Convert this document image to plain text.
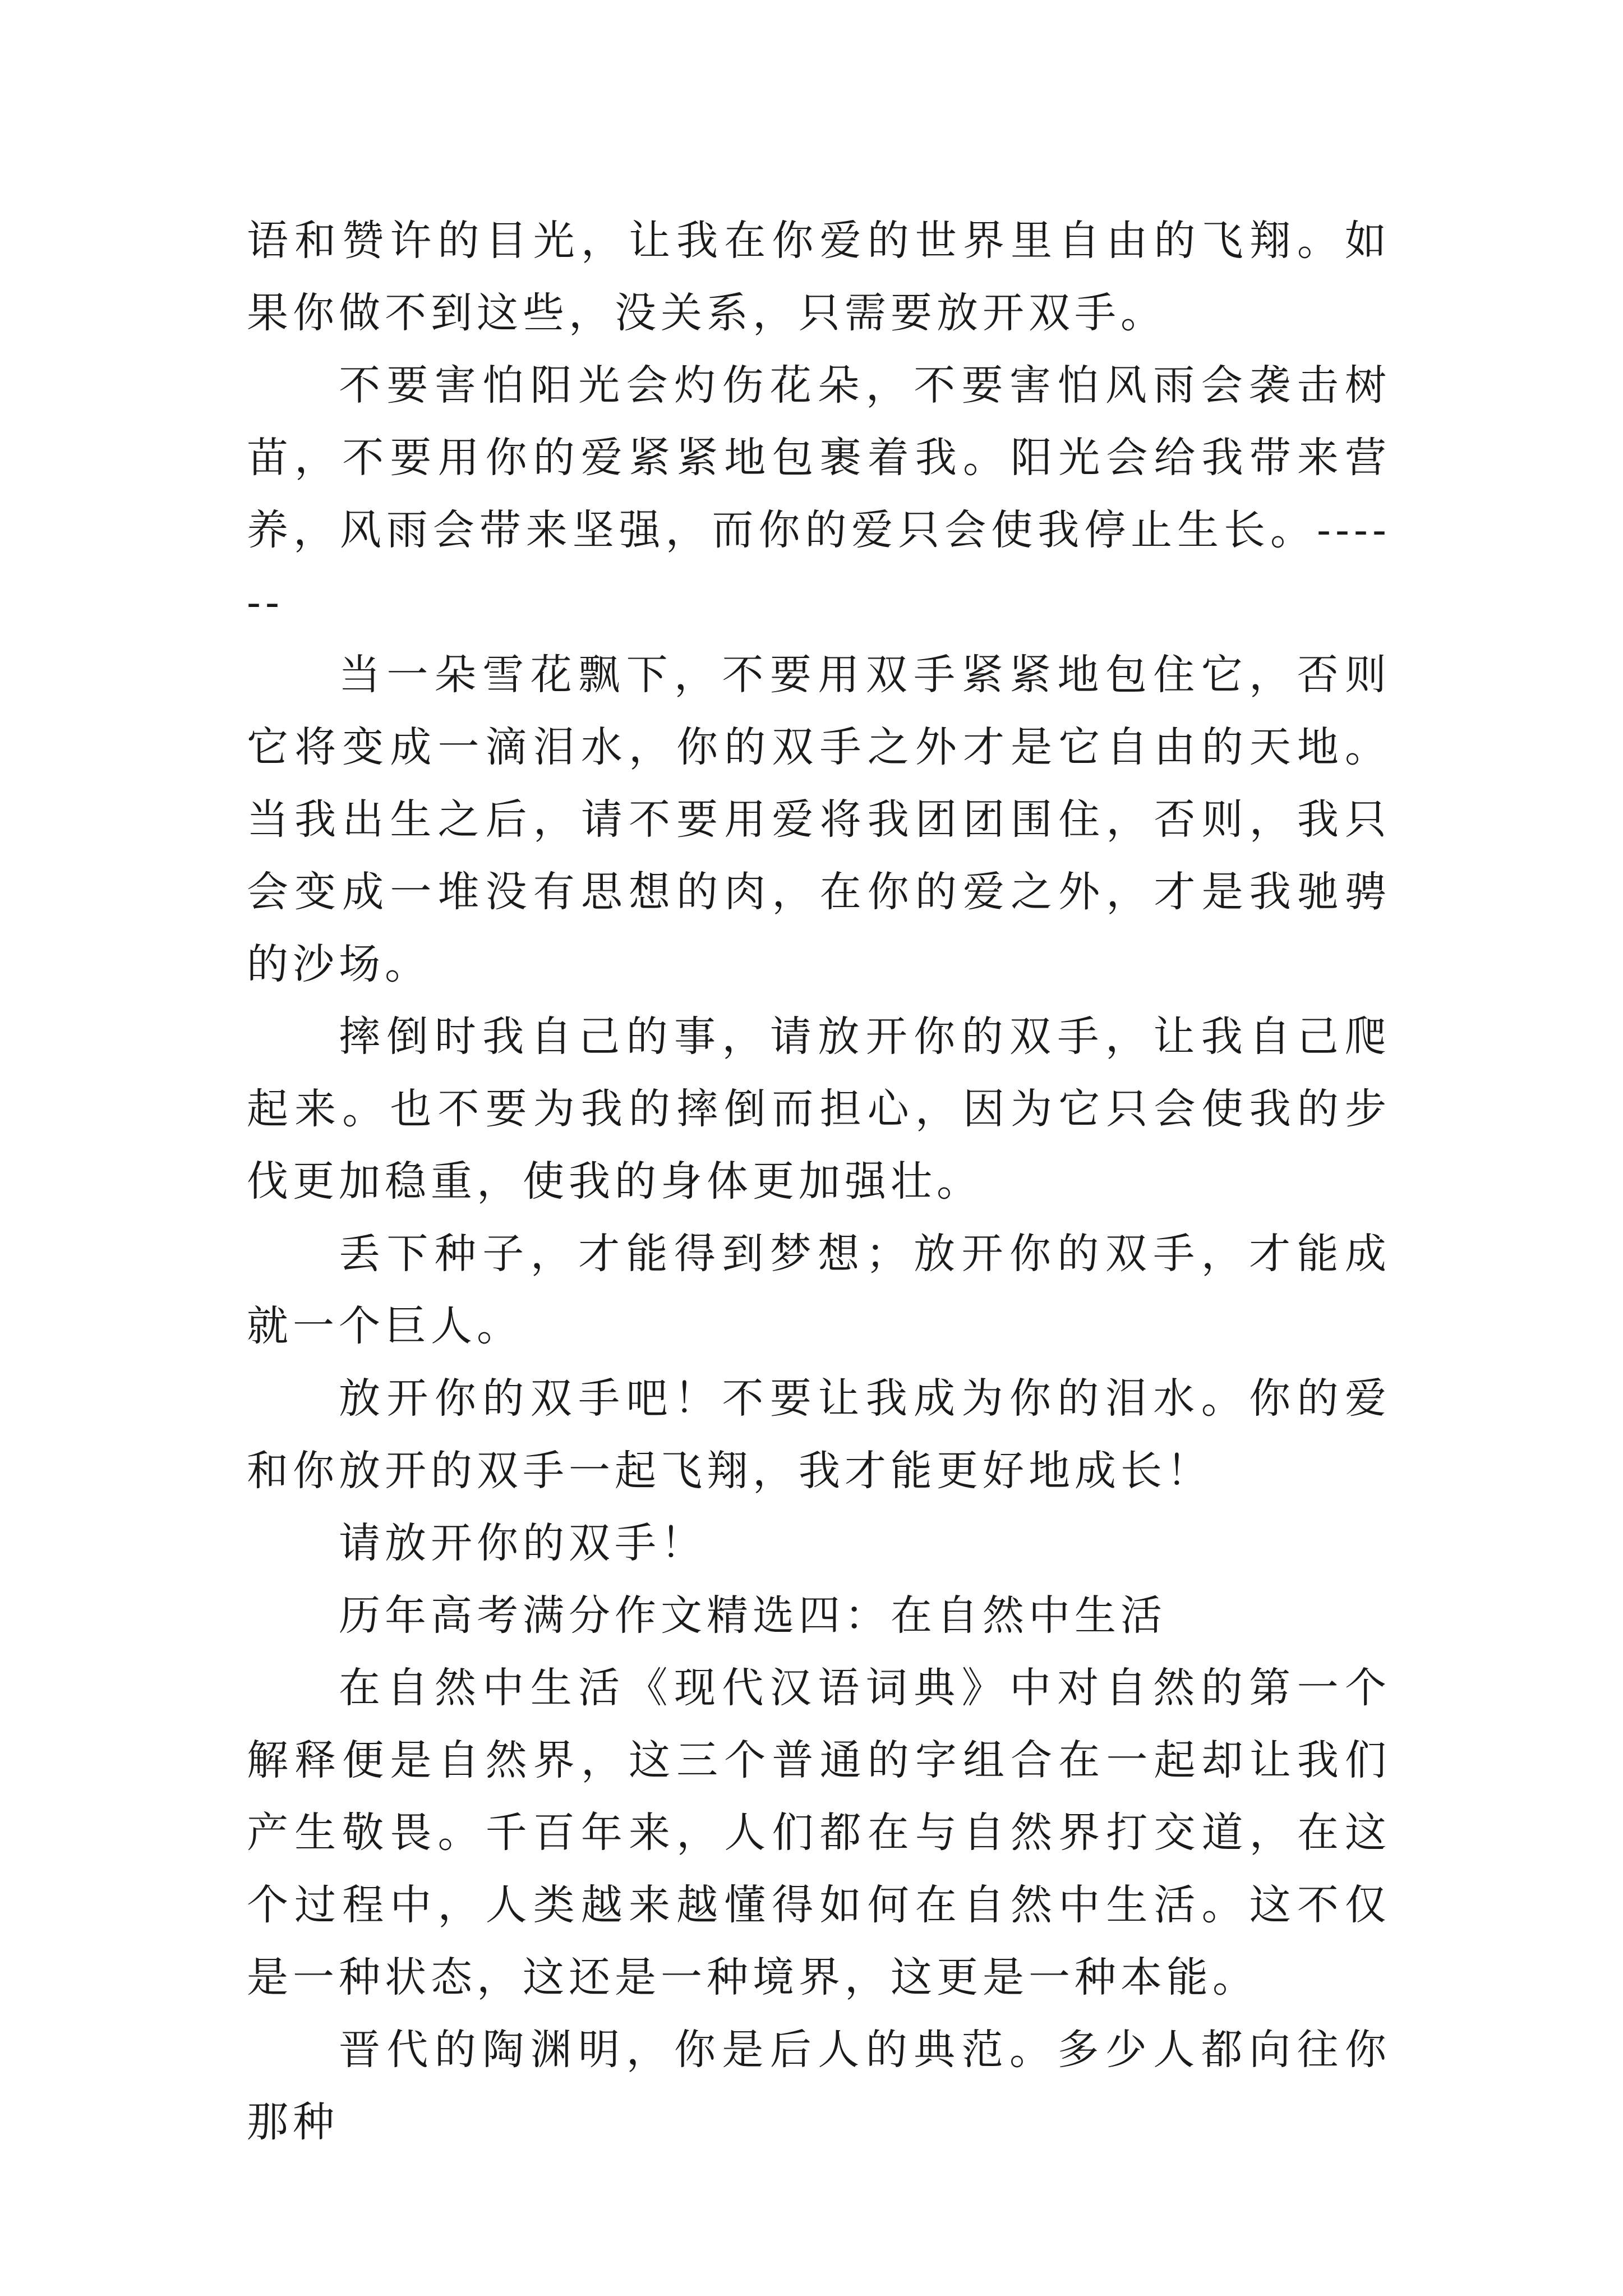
语和赞许的目光，让我在你爱的世界里自由的飞翔。如果你做不到这些，没关系，只需要放开双手。

不要害怕阳光会灼伤花朵，不要害怕风雨会袭击树苗，不要用你的爱紧紧地包裹着我。阳光会给我带来营养，风雨会带来坚强，而你的爱只会使我停止生长。------

当一朵雪花飘下，不要用双手紧紧地包住它，否则它将变成一滴泪水，你的双手之外才是它自由的天地。当我出生之后，请不要用爱将我团团围住，否则，我只会变成一堆没有思想的肉，在你的爱之外，才是我驰骋的沙场。

摔倒时我自己的事，请放开你的双手，让我自己爬起来。也不要为我的摔倒而担心，因为它只会使我的步伐更加稳重，使我的身体更加强壮。

丢下种子，才能得到梦想；放开你的双手，才能成就一个巨人。

放开你的双手吧！不要让我成为你的泪水。你的爱和你放开的双手一起飞翔，我才能更好地成长！

请放开你的双手！

历年高考满分作文精选四：在自然中生活

在自然中生活《现代汉语词典》中对自然的第一个解释便是自然界，这三个普通的字组合在一起却让我们产生敬畏。千百年来，人们都在与自然界打交道，在这个过程中，人类越来越懂得如何在自然中生活。这不仅是一种状态，这还是一种境界，这更是一种本能。

晋代的陶渊明，你是后人的典范。多少人都向往你那种
